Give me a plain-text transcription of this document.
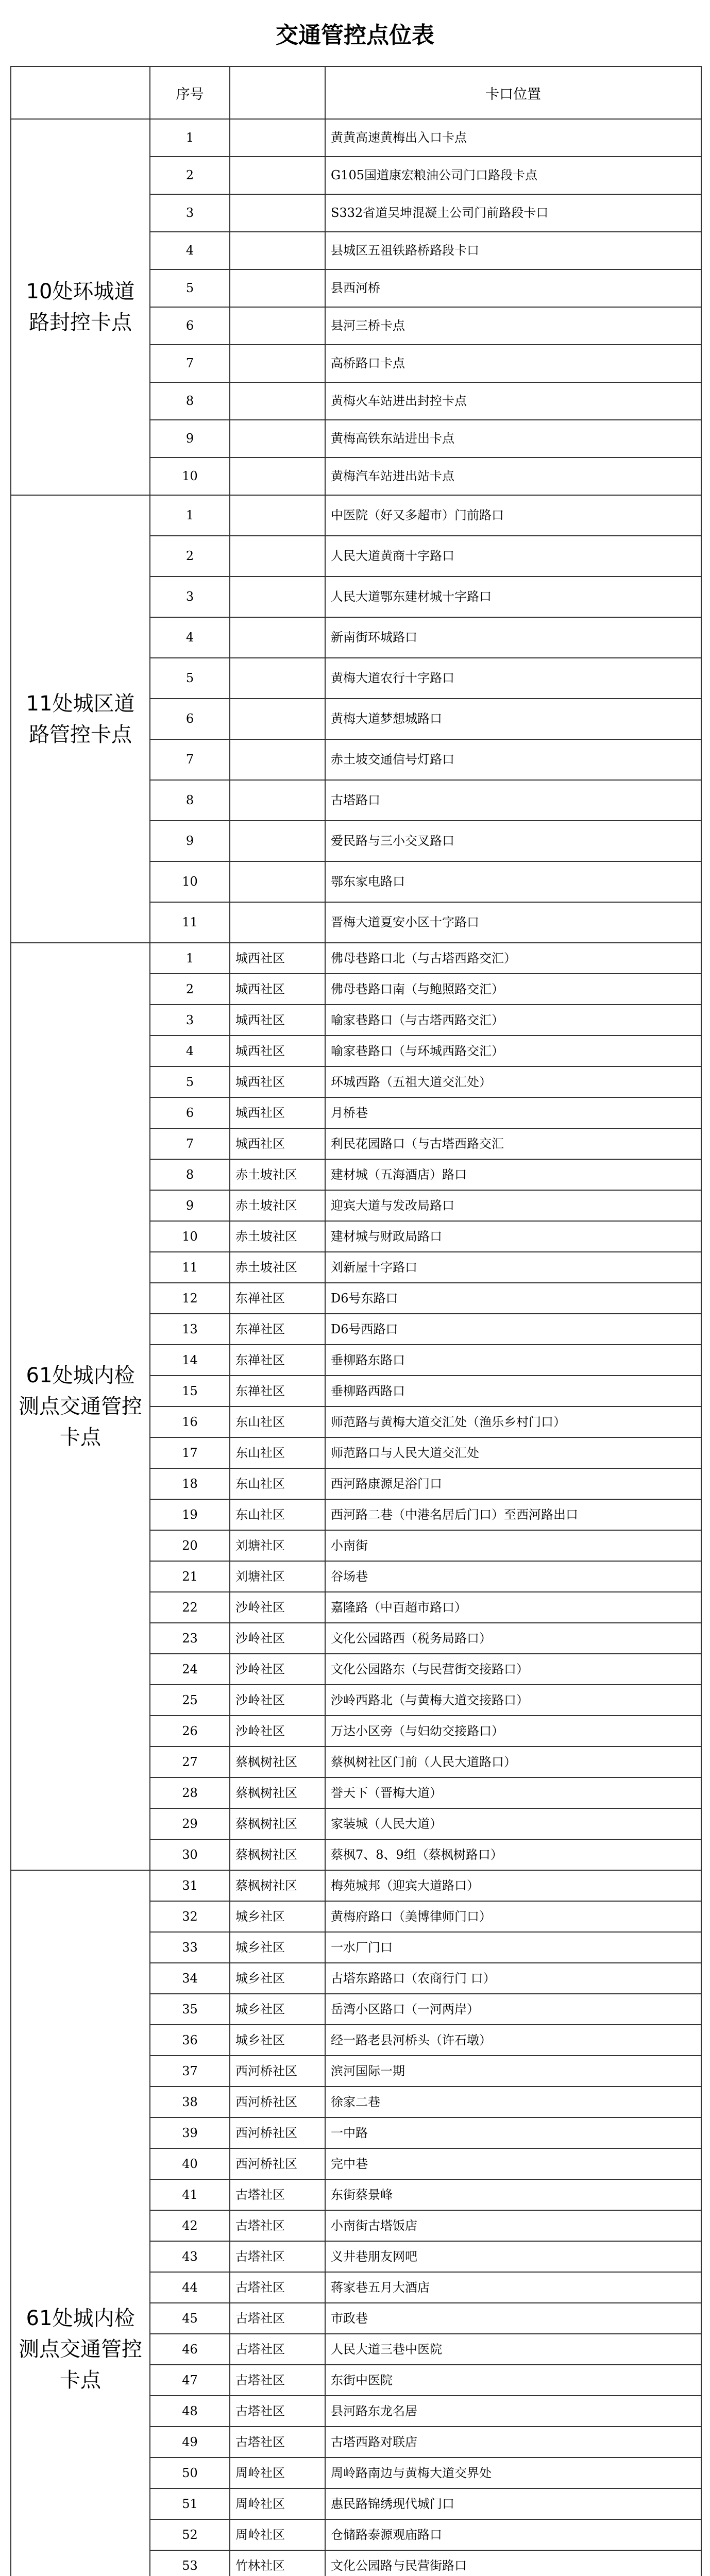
交通管控点位表
	序号		卡口位置
10处环城道路封控卡点	1		黄黄高速黄梅出入口卡点
	2		G105国道康宏粮油公司门口路段卡点
	3		S332省道吴坤混凝土公司门前路段卡口
	4		县城区五祖铁路桥路段卡口
	5		县西河桥
	6		县河三桥卡点
	7		高桥路口卡点
	8		黄梅火车站进出封控卡点
	9		黄梅高铁东站进出卡点
	10		黄梅汽车站进出站卡点
11处城区道路管控卡点	1		中医院（好又多超市）门前路口
	2		人民大道黄商十字路口
	3		人民大道鄂东建材城十字路口
	4		新南街环城路口
	5		黄梅大道农行十字路口
	6		黄梅大道梦想城路口
	7		赤土坡交通信号灯路口
	8		古塔路口
	9		爱民路与三小交叉路口
	10		鄂东家电路口
	11		晋梅大道夏安小区十字路口
61处城内检测点交通管控卡点	1	城西社区	佛母巷路口北（与古塔西路交汇）
	2	城西社区	佛母巷路口南（与鲍照路交汇）
	3	城西社区	喻家巷路口（与古塔西路交汇）
	4	城西社区	喻家巷路口（与环城西路交汇）
	5	城西社区	环城西路（五祖大道交汇处）
	6	城西社区	月桥巷
	7	城西社区	利民花园路口（与古塔西路交汇
	8	赤土坡社区	建材城（五海酒店）路口
	9	赤土坡社区	迎宾大道与发改局路口
	10	赤土坡社区	建材城与财政局路口
	11	赤土坡社区	刘新屋十字路口
	12	东禅社区	D6号东路口
	13	东禅社区	D6号西路口
	14	东禅社区	垂柳路东路口
	15	东禅社区	垂柳路西路口
	16	东山社区	师范路与黄梅大道交汇处（渔乐乡村门口）
	17	东山社区	师范路口与人民大道交汇处
	18	东山社区	西河路康源足浴门口
	19	东山社区	西河路二巷（中港名居后门口）至西河路出口
	20	刘塘社区	小南街
	21	刘塘社区	谷场巷
	22	沙岭社区	嘉隆路（中百超市路口）
	23	沙岭社区	文化公园路西（税务局路口）
	24	沙岭社区	文化公园路东（与民营街交接路口）
	25	沙岭社区	沙岭西路北（与黄梅大道交接路口）
	26	沙岭社区	万达小区旁（与妇幼交接路口）
	27	蔡枫树社区	蔡枫树社区门前（人民大道路口）
	28	蔡枫树社区	誉天下（晋梅大道）
	29	蔡枫树社区	家装城（人民大道）
	30	蔡枫树社区	蔡枫7、8、9组（蔡枫树路口）
61处城内检测点交通管控卡点	31	蔡枫树社区	梅苑城邦（迎宾大道路口）
	32	城乡社区	黄梅府路口（美博律师门口）
	33	城乡社区	一水厂门口
	34	城乡社区	古塔东路路口（农商行门 口）
	35	城乡社区	岳湾小区路口（一河两岸）
	36	城乡社区	经一路老县河桥头（许石墩）
	37	西河桥社区	滨河国际一期
	38	西河桥社区	徐家二巷
	39	西河桥社区	一中路
	40	西河桥社区	完中巷
	41	古塔社区	东街蔡景峰
	42	古塔社区	小南街古塔饭店
	43	古塔社区	义井巷朋友网吧
	44	古塔社区	蒋家巷五月大酒店
	45	古塔社区	市政巷
	46	古塔社区	人民大道三巷中医院
	47	古塔社区	东街中医院
	48	古塔社区	县河路东龙名居
	49	古塔社区	古塔西路对联店
	50	周岭社区	周岭路南边与黄梅大道交界处
	51	周岭社区	惠民路锦绣现代城门口
	52	周岭社区	仓储路泰源观庙路口
	53	竹林社区	文化公园路与民营街路口
